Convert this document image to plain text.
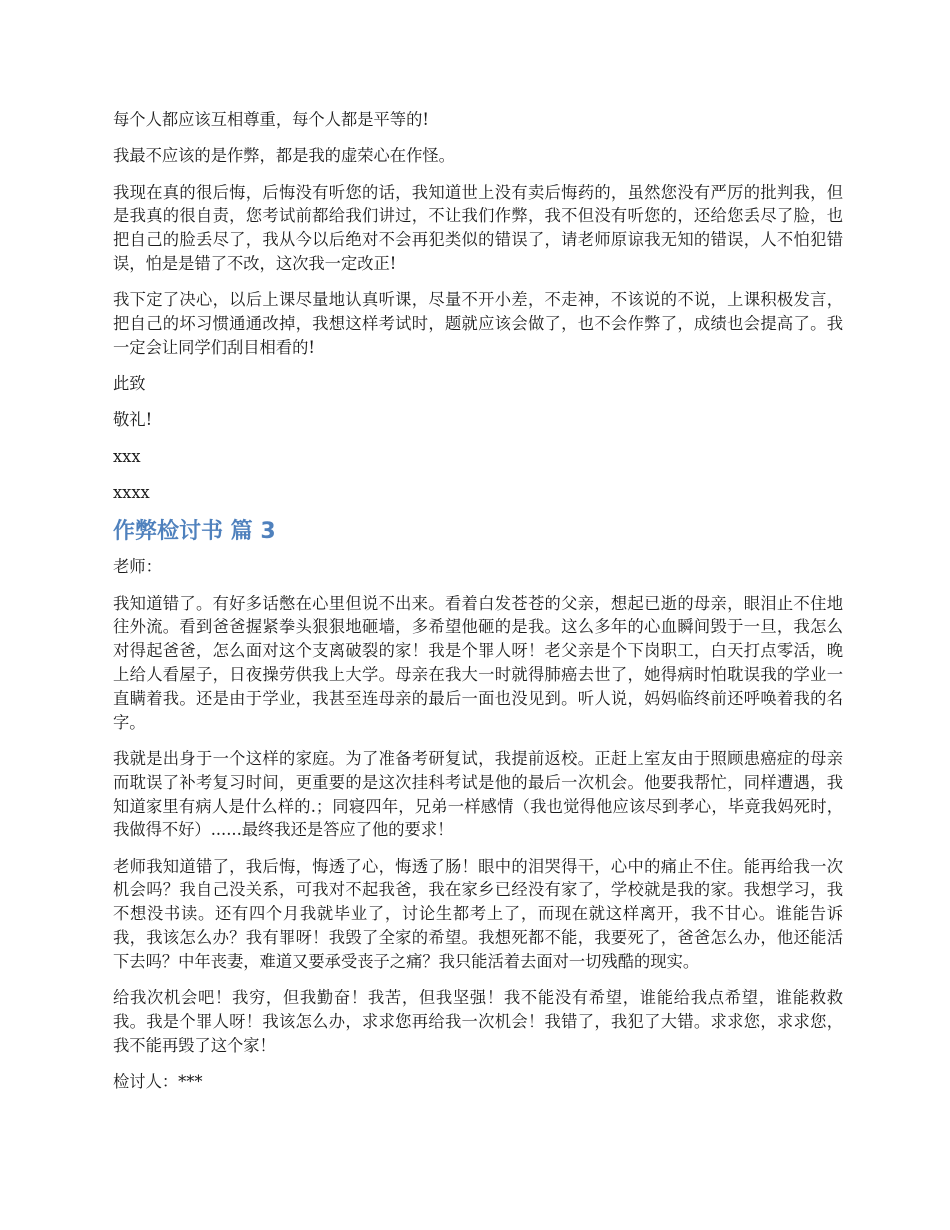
每个人都应该互相尊重，每个人都是平等的!

我最不应该的是作弊，都是我的虚荣心在作怪。

我现在真的很后悔，后悔没有听您的话，我知道世上没有卖后悔药的，虽然您没有严厉的批判我，但是我真的很自责，您考试前都给我们讲过，不让我们作弊，我不但没有听您的，还给您丢尽了脸，也把自己的脸丢尽了，我从今以后绝对不会再犯类似的错误了，请老师原谅我无知的错误，人不怕犯错误，怕是是错了不改，这次我一定改正!

我下定了决心，以后上课尽量地认真听课，尽量不开小差，不走神，不该说的不说，上课积极发言，把自己的坏习惯通通改掉，我想这样考试时，题就应该会做了，也不会作弊了，成绩也会提高了。我一定会让同学们刮目相看的!

此致

敬礼!

xxx

xxxx

作弊检讨书 篇 3

老师：

我知道错了。有好多话憋在心里但说不出来。看着白发苍苍的父亲，想起已逝的母亲，眼泪止不住地往外流。看到爸爸握紧拳头狠狠地砸墙，多希望他砸的是我。这么多年的心血瞬间毁于一旦，我怎么对得起爸爸，怎么面对这个支离破裂的家！我是个罪人呀！老父亲是个下岗职工，白天打点零活，晚上给人看屋子，日夜操劳供我上大学。母亲在我大一时就得肺癌去世了，她得病时怕耽误我的学业一直瞒着我。还是由于学业，我甚至连母亲的最后一面也没见到。听人说，妈妈临终前还呼唤着我的名字。

我就是出身于一个这样的家庭。为了准备考研复试，我提前返校。正赶上室友由于照顾患癌症的母亲而耽误了补考复习时间，更重要的是这次挂科考试是他的最后一次机会。他要我帮忙，同样遭遇，我知道家里有病人是什么样的.；同寝四年，兄弟一样感情（我也觉得他应该尽到孝心，毕竟我妈死时，我做得不好）......最终我还是答应了他的要求！

老师我知道错了，我后悔，悔透了心，悔透了肠！眼中的泪哭得干，心中的痛止不住。能再给我一次机会吗？我自己没关系，可我对不起我爸，我在家乡已经没有家了，学校就是我的家。我想学习，我不想没书读。还有四个月我就毕业了，讨论生都考上了，而现在就这样离开，我不甘心。谁能告诉我，我该怎么办？我有罪呀！我毁了全家的希望。我想死都不能，我要死了，爸爸怎么办，他还能活下去吗？中年丧妻，难道又要承受丧子之痛？我只能活着去面对一切残酷的现实。

给我次机会吧！我穷，但我勤奋！我苦，但我坚强！我不能没有希望，谁能给我点希望，谁能救救我。我是个罪人呀！我该怎么办，求求您再给我一次机会！我错了，我犯了大错。求求您，求求您，我不能再毁了这个家！

检讨人：***
